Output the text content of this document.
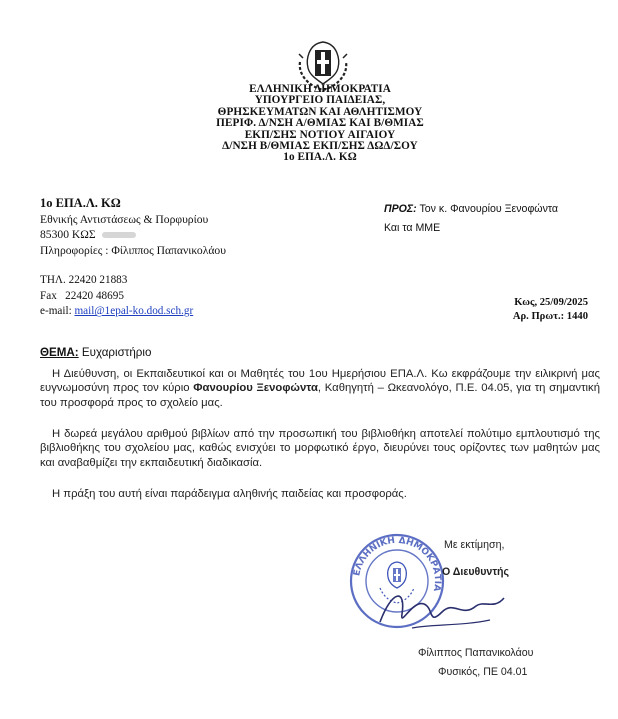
ΕΛΛΗΝΙΚΗ ΔΗΜΟΚΡΑΤΙΑ
ΥΠΟΥΡΓΕΙΟ ΠΑΙΔΕΙΑΣ,
ΘΡΗΣΚΕΥΜΑΤΩΝ ΚΑΙ ΑΘΛΗΤΙΣΜΟΥ
ΠΕΡΙΦ. Δ/ΝΣΗ Α/ΘΜΙΑΣ ΚΑΙ Β/ΘΜΙΑΣ
ΕΚΠ/ΣΗΣ ΝΟΤΙΟΥ ΑΙΓΑΙΟΥ
Δ/ΝΣΗ Β/ΘΜΙΑΣ ΕΚΠ/ΣΗΣ ΔΩΔ/ΣΟΥ
1ο ΕΠΑ.Λ. ΚΩ
1ο ΕΠΑ.Λ. ΚΩ
Εθνικής Αντιστάσεως & Πορφυρίου
85300 ΚΩΣ
Πληροφορίες : Φίλιππος Παπανικολάου
ΤΗΛ. 22420 21883
Fax   22420 48695
e-mail: mail@1epal-ko.dod.sch.gr
ΠΡΟΣ: Τον κ. Φανουρίου Ξενοφώντα
Και τα ΜΜΕ
Κως, 25/09/2025
Αρ. Πρωτ.: 1440
ΘΕΜΑ: Ευχαριστήριο
Η Διεύθυνση, οι Εκπαιδευτικοί και οι Μαθητές του 1ου Ημερήσιου ΕΠΑ.Λ. Κω εκφράζουμε την ειλικρινή μας ευγνωμοσύνη προς τον κύριο Φανουρίου Ξενοφώντα, Καθηγητή – Ωκεανολόγο, Π.Ε. 04.05, για τη σημαντική του προσφορά προς το σχολείο μας.
Η δωρεά μεγάλου αριθμού βιβλίων από την προσωπική του βιβλιοθήκη αποτελεί πολύτιμο εμπλουτισμό της βιβλιοθήκης του σχολείου μας, καθώς ενισχύει το μορφωτικό έργο, διευρύνει τους ορίζοντες των μαθητών μας και αναβαθμίζει την εκπαιδευτική διαδικασία.
Η πράξη του αυτή είναι παράδειγμα αληθινής παιδείας και προσφοράς.
ΕΛΛΗΝΙΚΗ ΔΗΜΟΚΡΑΤΙΑ
Με εκτίμηση,
Ο Διευθυντής
Φίλιππος Παπανικολάου
Φυσικός, ΠΕ 04.01
